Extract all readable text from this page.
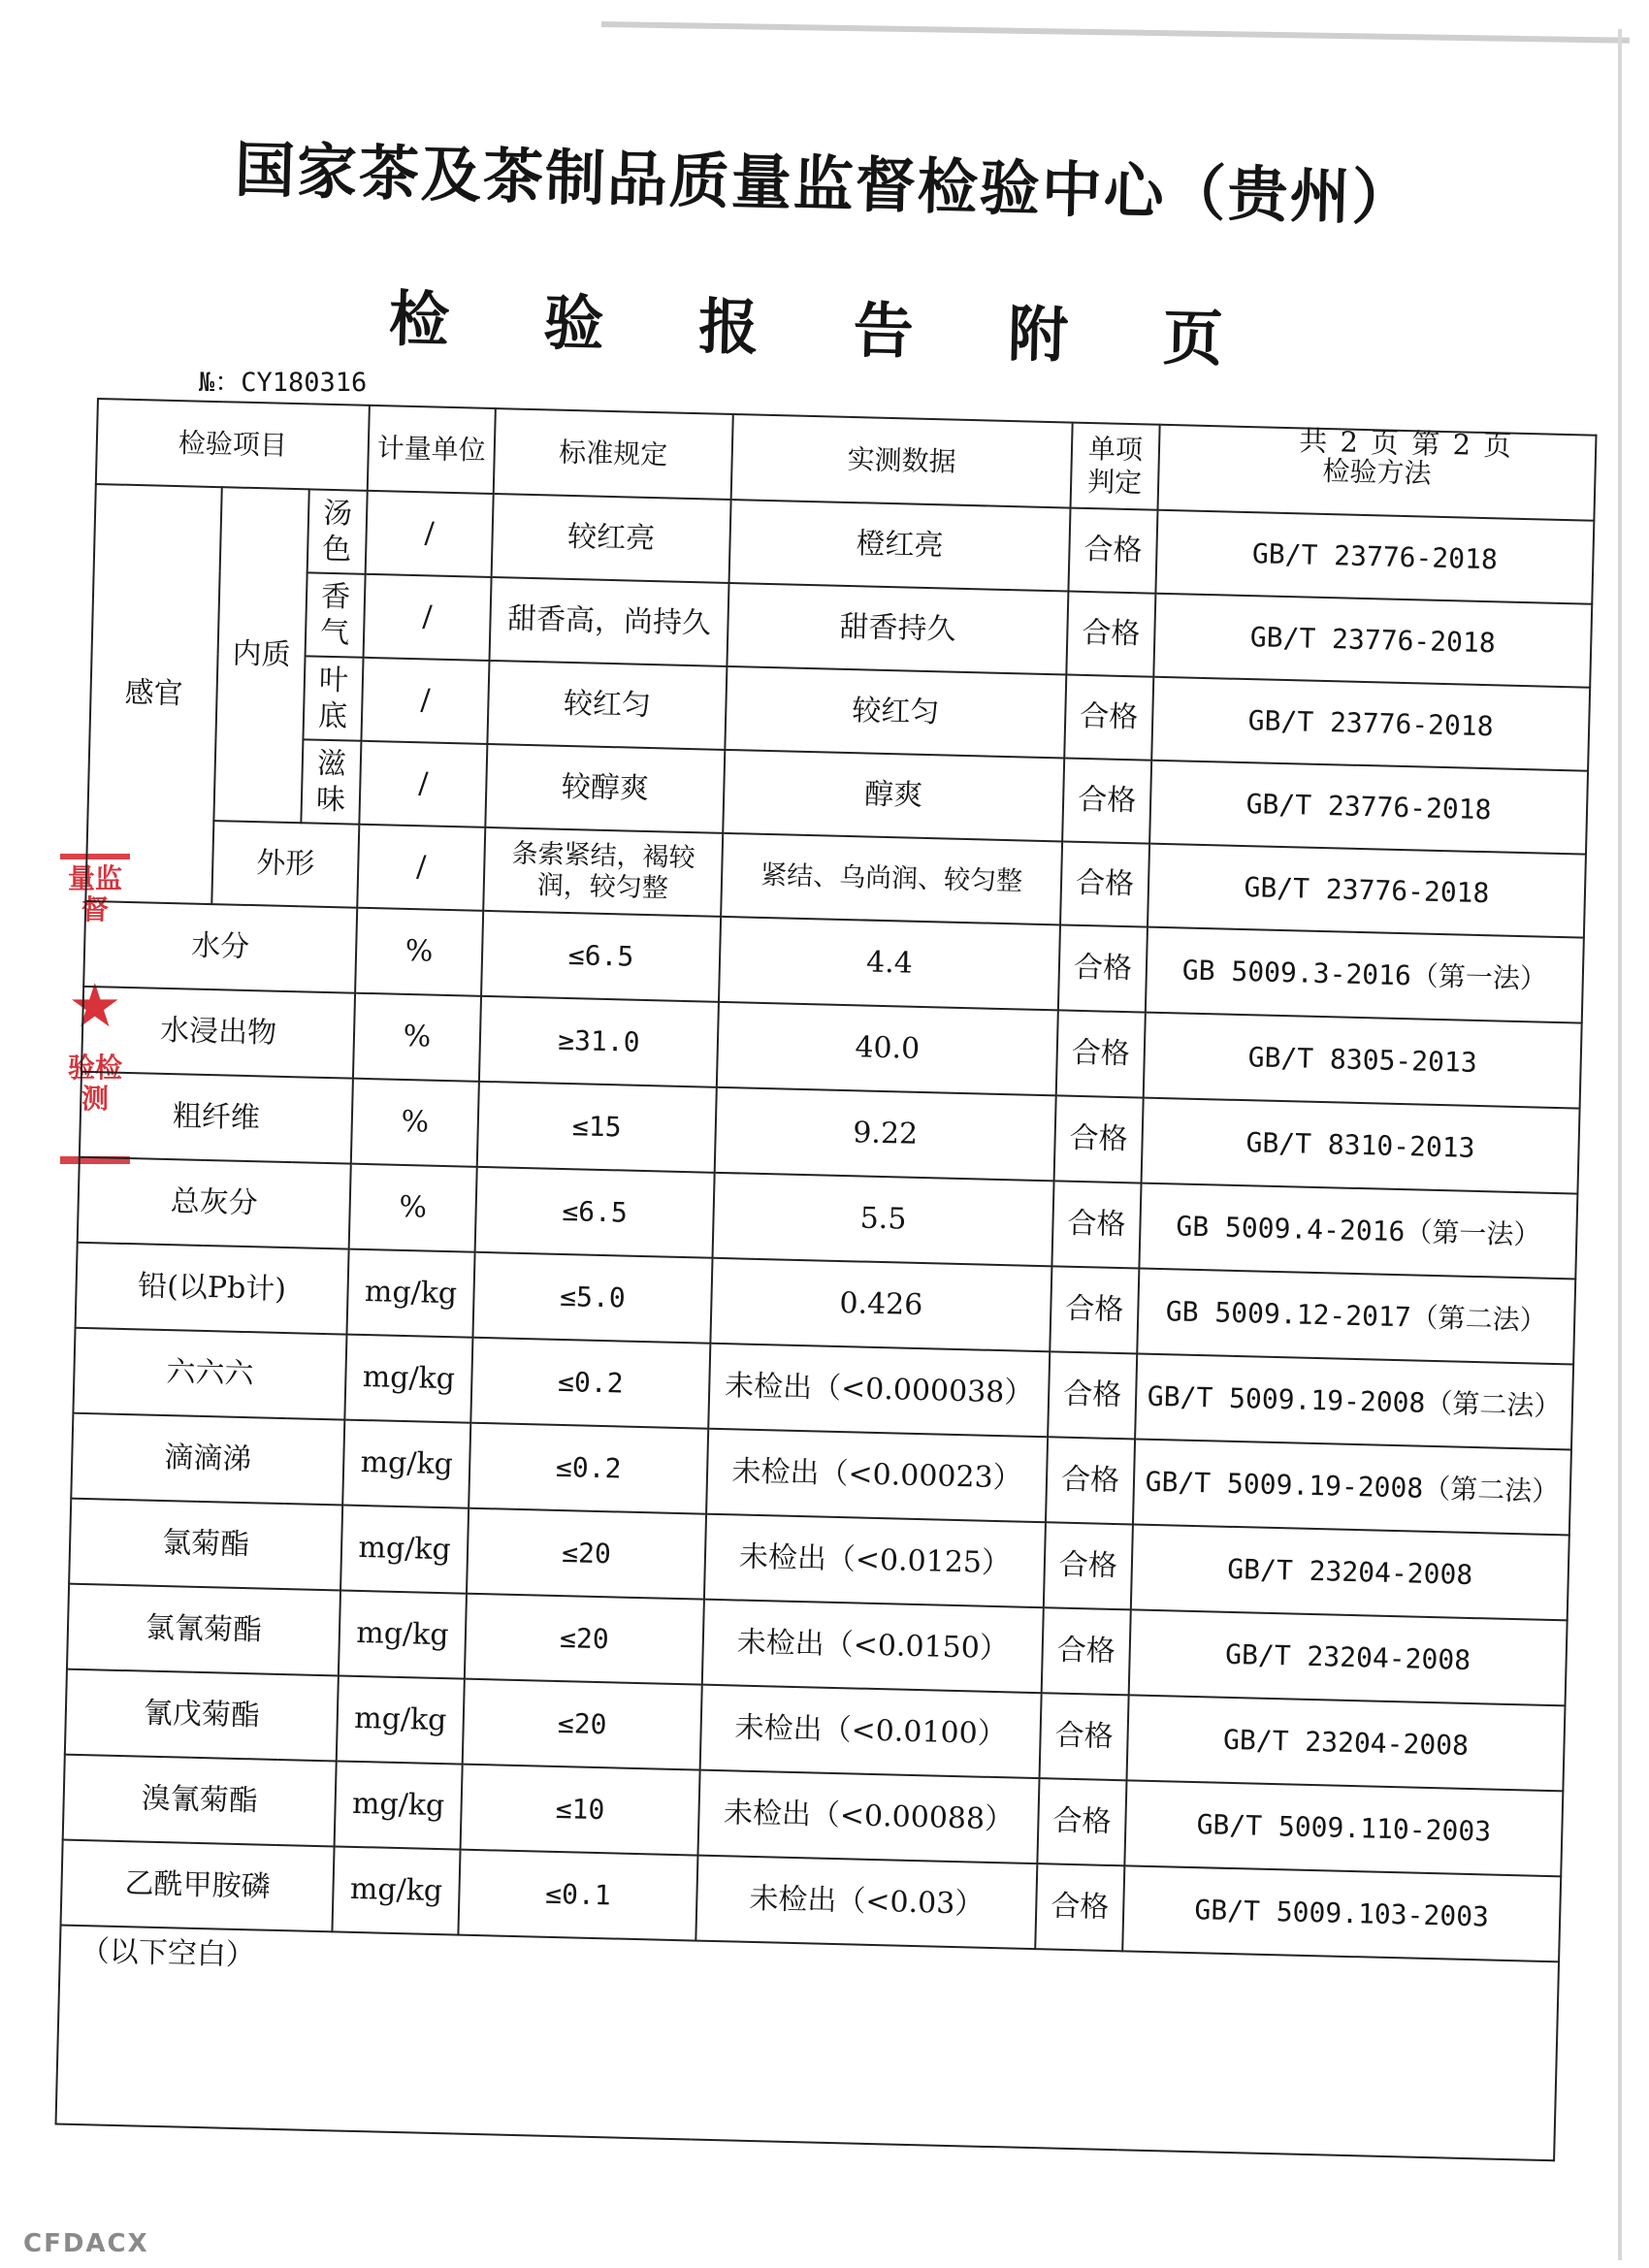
国家茶及茶制品质量监督检验中心（贵州）
检 验 报 告 附 页
№：CY180316
量监督
★
验检测
共 2 页 第 2 页
检验项目			计量单位	标准规定	实测数据	单项判定	检验方法
感官	内质	汤色	/	较红亮	橙红亮	合格	GB/T 23776-2018
		香气	/	甜香高，尚持久	甜香持久	合格	GB/T 23776-2018
		叶底	/	较红匀	较红匀	合格	GB/T 23776-2018
		滋味	/	较醇爽	醇爽	合格	GB/T 23776-2018
	外形		/	条索紧结，褐较润，较匀整	紧结、乌尚润、较匀整	合格	GB/T 23776-2018
水分			%	≤6.5	4.4	合格	GB 5009.3-2016（第一法）
水浸出物			%	≥31.0	40.0	合格	GB/T 8305-2013
粗纤维			%	≤15	9.22	合格	GB/T 8310-2013
总灰分			%	≤6.5	5.5	合格	GB 5009.4-2016（第一法）
铅(以Pb计)			mg/kg	≤5.0	0.426	合格	GB 5009.12-2017（第二法）
六六六			mg/kg	≤0.2	未检出（<0.000038）	合格	GB/T 5009.19-2008（第二法）
滴滴涕			mg/kg	≤0.2	未检出（<0.00023）	合格	GB/T 5009.19-2008（第二法）
氯菊酯			mg/kg	≤20	未检出（<0.0125）	合格	GB/T 23204-2008
氯氰菊酯			mg/kg	≤20	未检出（<0.0150）	合格	GB/T 23204-2008
氰戊菊酯			mg/kg	≤20	未检出（<0.0100）	合格	GB/T 23204-2008
溴氰菊酯			mg/kg	≤10	未检出（<0.00088）	合格	GB/T 5009.110-2003
乙酰甲胺磷			mg/kg	≤0.1	未检出（<0.03）	合格	GB/T 5009.103-2003
（以下空白）							
CFDACX
